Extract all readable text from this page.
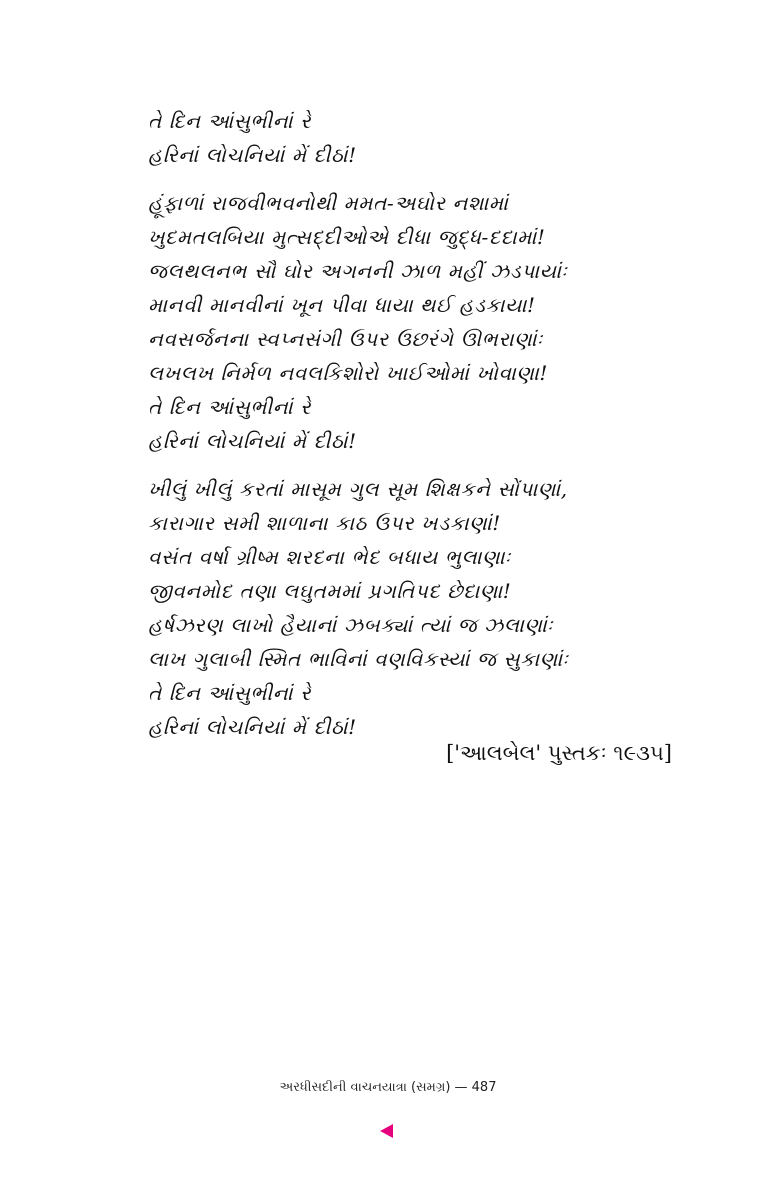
તે દિન આંસુભીનાં રે
હરિનાં લોચનિયાં મેં દીઠાં!
હૂંફાળાં રાજવીભવનોથી મમત-અઘોર નશામાં
ખુદમતલબિયા મુત્સદ્દીઓએ દીધા જુદ્ધ-દદામાં!
જલથલનભ સૌ ઘોર અગનની ઝાળ મહીં ઝડપાયાંઃ
માનવી માનવીનાં ખૂન પીવા ધાયા થઈ હડકાયા!
નવસર્જનના સ્વપ્નસંગી ઉપર ઉછરંગે ઊભરાણાંઃ
લખલખ નિર્મળ નવલકિશોરો ખાઈઓમાં ખોવાણા!
તે દિન આંસુભીનાં રે
હરિનાં લોચનિયાં મેં દીઠાં!
ખીલું ખીલું કરતાં માસૂમ ગુલ સૂમ શિક્ષકને સોંપાણાં,
કારાગાર સમી શાળાના કાઠ ઉપર ખડકાણાં!
વસંત વર્ષા ગ્રીષ્મ શરદના ભેદ બધાય ભુલાણાઃ
જીવનમોદ તણા લઘુતમમાં પ્રગતિપદ છેદાણા!
હર્ષઝરણ લાખો હૈયાનાં ઝબક્યાં ત્યાં જ ઝલાણાંઃ
લાખ ગુલાબી સ્મિત ભાવિનાં વણવિકસ્યાં જ સુકાણાંઃ
તે દિન આંસુભીનાં રે
હરિનાં લોચનિયાં મેં દીઠાં!
['આલબેલ' પુસ્તકઃ ૧૯૩૫]
અરધીસદીની વાચનયાત્રા (સમગ્ર) — 487
